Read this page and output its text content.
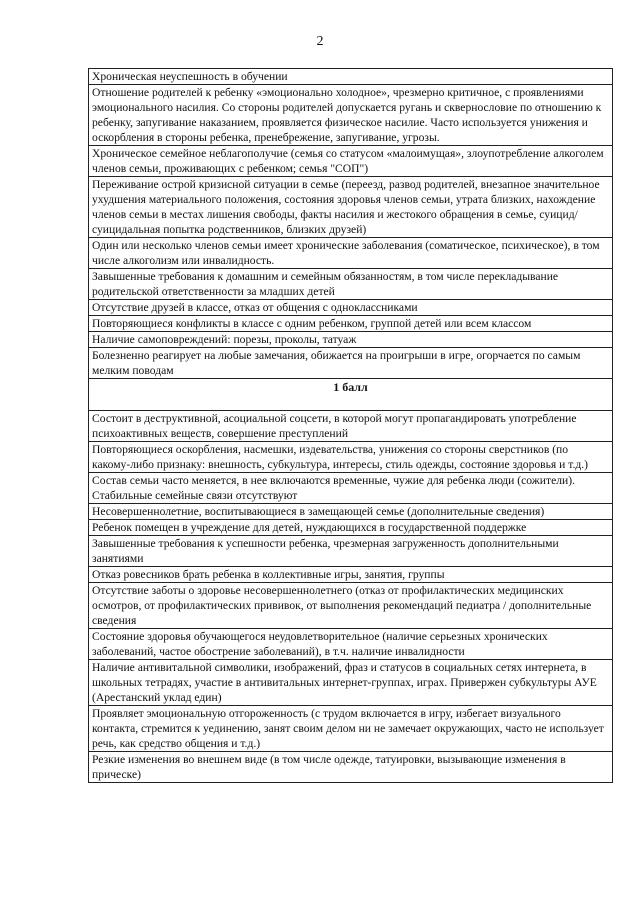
2
Хроническая неуспешность в обучении
Отношение родителей к ребенку «эмоционально холодное», чрезмерно критичное, с проявлениями эмоционального насилия. Со стороны родителей допускается ругань и сквернословие по отношению к ребенку, запугивание наказанием, проявляется физическое насилие. Часто используется унижения и оскорбления в стороны ребенка, пренебрежение, запугивание, угрозы.
Хроническое семейное неблагополучие (семья со статусом «малоимущая», злоупотребление алкоголем членов семьи, проживающих с ребенком; семья "СОП")
Переживание острой кризисной ситуации в семье (переезд, развод родителей, внезапное значительное ухудшения материального положения, состояния здоровья членов семьи, утрата близких, нахождение членов семьи в местах лишения свободы, факты насилия и жестокого обращения в семье, суицид/суицидальная попытка родственников, близких друзей)
Один или несколько членов семьи имеет хронические заболевания (соматическое, психическое), в том числе алкоголизм или инвалидность.
Завышенные требования к домашним и семейным обязанностям, в том числе перекладывание родительской ответственности за младших детей
Отсутствие друзей в классе, отказ от общения с одноклассниками
Повторяющиеся конфликты в классе с одним ребенком, группой детей или всем классом
Наличие самоповреждений: порезы, проколы, татуаж
Болезненно реагирует на любые замечания, обижается на проигрыши в игре, огорчается по самым мелким поводам
1 балл
Состоит в деструктивной, асоциальной соцсети, в которой могут пропагандировать употребление психоактивных веществ, совершение преступлений
Повторяющиеся оскорбления, насмешки, издевательства, унижения со стороны сверстников (по какому-либо признаку: внешность, субкультура, интересы, стиль одежды, состояние здоровья и т.д.)
Состав семьи часто меняется, в нее включаются временные, чужие для ребенка люди (сожители). Стабильные семейные связи отсутствуют
Несовершеннолетние, воспитывающиеся в замещающей семье (дополнительные сведения)
Ребенок помещен в учреждение для детей, нуждающихся в государственной поддержке
Завышенные требования к успешности ребенка, чрезмерная загруженность дополнительными занятиями
Отказ ровесников брать ребенка в коллективные игры, занятия, группы
Отсутствие заботы о здоровье несовершеннолетнего (отказ от профилактических медицинских осмотров, от профилактических прививок, от выполнения рекомендаций педиатра / дополнительные сведения
Состояние здоровья обучающегося неудовлетворительное (наличие серьезных хронических заболеваний, частое обострение заболеваний), в т.ч. наличие инвалидности
Наличие антивитальной символики, изображений, фраз и статусов в социальных сетях интернета, в школьных тетрадях, участие в антивитальных интернет-группах, играх. Привержен субкультуры АУЕ (Арестанский уклад един)
Проявляет эмоциональную отгороженность (с трудом включается в игру, избегает визуального контакта, стремится к уединению, занят своим делом ни не замечает окружающих, часто не использует речь, как средство общения и т.д.)
Резкие изменения во внешнем виде (в том числе одежде, татуировки, вызывающие изменения в прическе)
